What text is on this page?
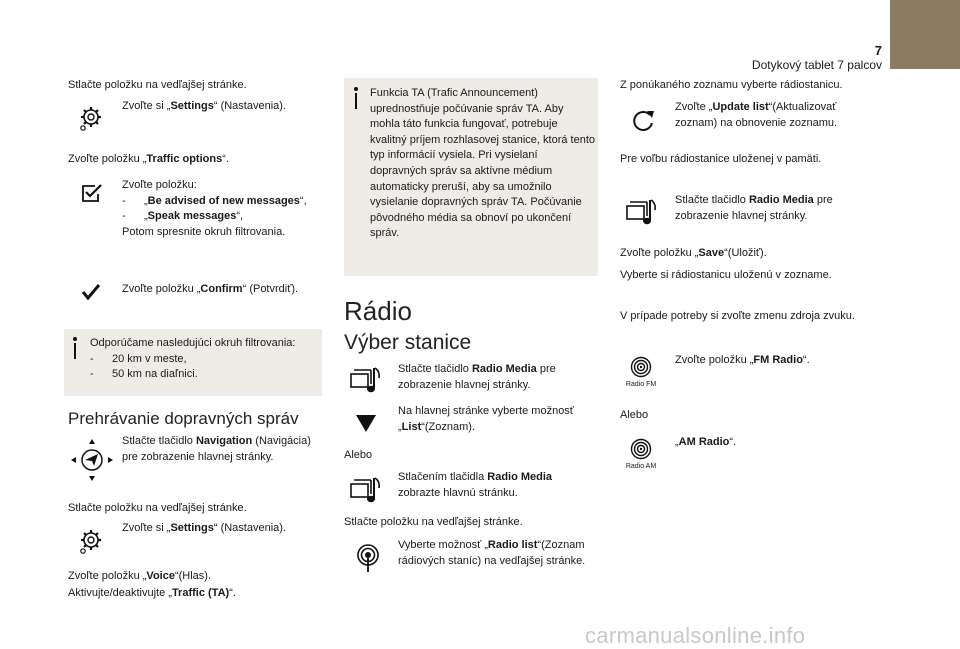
7
Dotykový tablet 7 palcov
Stlačte položku na vedľajšej stránke.
Zvoľte si „Settings“ (Nastavenia).
Zvoľte položku „Traffic options“.
Zvoľte položku:
- „Be advised of new messages“,
- „Speak messages“,
Potom spresnite okruh filtrovania.
Zvoľte položku „Confirm“ (Potvrdiť).
Odporúčame nasledujúci okruh filtrovania:
- 20 km v meste,
- 50 km na diaľnici.
Prehrávanie dopravných správ
Stlačte tlačidlo Navigation (Navigácia) pre zobrazenie hlavnej stránky.
Stlačte položku na vedľajšej stránke.
Zvoľte si „Settings“ (Nastavenia).
Zvoľte položku „Voice“(Hlas).
Aktivujte/deaktivujte „Traffic (TA)“.
Funkcia TA (Trafic Announcement) uprednostňuje počúvanie správ TA. Aby mohla táto funkcia fungovať, potrebuje kvalitný príjem rozhlasovej stanice, ktorá tento typ informácií vysiela. Pri vysielaní dopravných správ sa aktívne médium automaticky preruší, aby sa umožnilo vysielanie dopravných správ TA. Počúvanie pôvodného média sa obnoví po ukončení správ.
Rádio
Výber stanice
Stlačte tlačidlo Radio Media pre zobrazenie hlavnej stránky.
Na hlavnej stránke vyberte možnosť „List“(Zoznam).
Alebo
Stlačením tlačidla Radio Media zobrazte hlavnú stránku.
Stlačte položku na vedľajšej stránke.
Vyberte možnosť „Radio list“(Zoznam rádiových staníc) na vedľajšej stránke.
Z ponúkaného zoznamu vyberte rádiostanicu.
Zvoľte „Update list“(Aktualizovať zoznam) na obnovenie zoznamu.
Pre voľbu rádiostanice uloženej v pamäti.
Stlačte tlačidlo Radio Media pre zobrazenie hlavnej stránky.
Zvoľte položku „Save“(Uložiť).
Vyberte si rádiostanicu uloženú v zozname.
V prípade potreby si zvoľte zmenu zdroja zvuku.
Radio FM
Zvoľte položku „FM Radio“.
Alebo
Radio AM
„AM Radio“.
carmanualsonline.info
